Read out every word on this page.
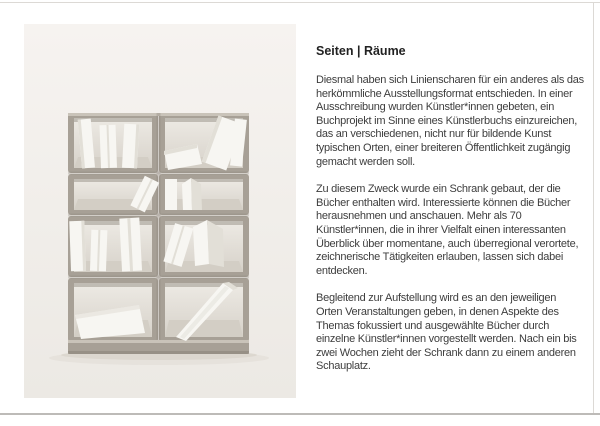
Seiten | Räume

Diesmal haben sich Linienscharen für ein anderes als das herkömmliche Ausstellungsformat entschieden. In einer Ausschreibung wurden Künstler*innen gebeten, ein Buchprojekt im Sinne eines Künstlerbuchs einzureichen, das an verschiedenen, nicht nur für bildende Kunst typischen Orten, einer breiteren Öffentlichkeit zugängig gemacht werden soll.

Zu diesem Zweck wurde ein Schrank gebaut, der die Bücher enthalten wird. Interessierte können die Bücher herausnehmen und anschauen. Mehr als 70 Künstler*innen, die in ihrer Vielfalt einen interessanten Überblick über momentane, auch überregional verortete, zeichnerische Tätigkeiten erlauben, lassen sich dabei entdecken.

Begleitend zur Aufstellung wird es an den jeweiligen Orten Veranstaltungen geben, in denen Aspekte des Themas fokussiert und ausgewählte Bücher durch einzelne Künstler*innen vorgestellt werden. Nach ein bis zwei Wochen zieht der Schrank dann zu einem anderen Schauplatz.
